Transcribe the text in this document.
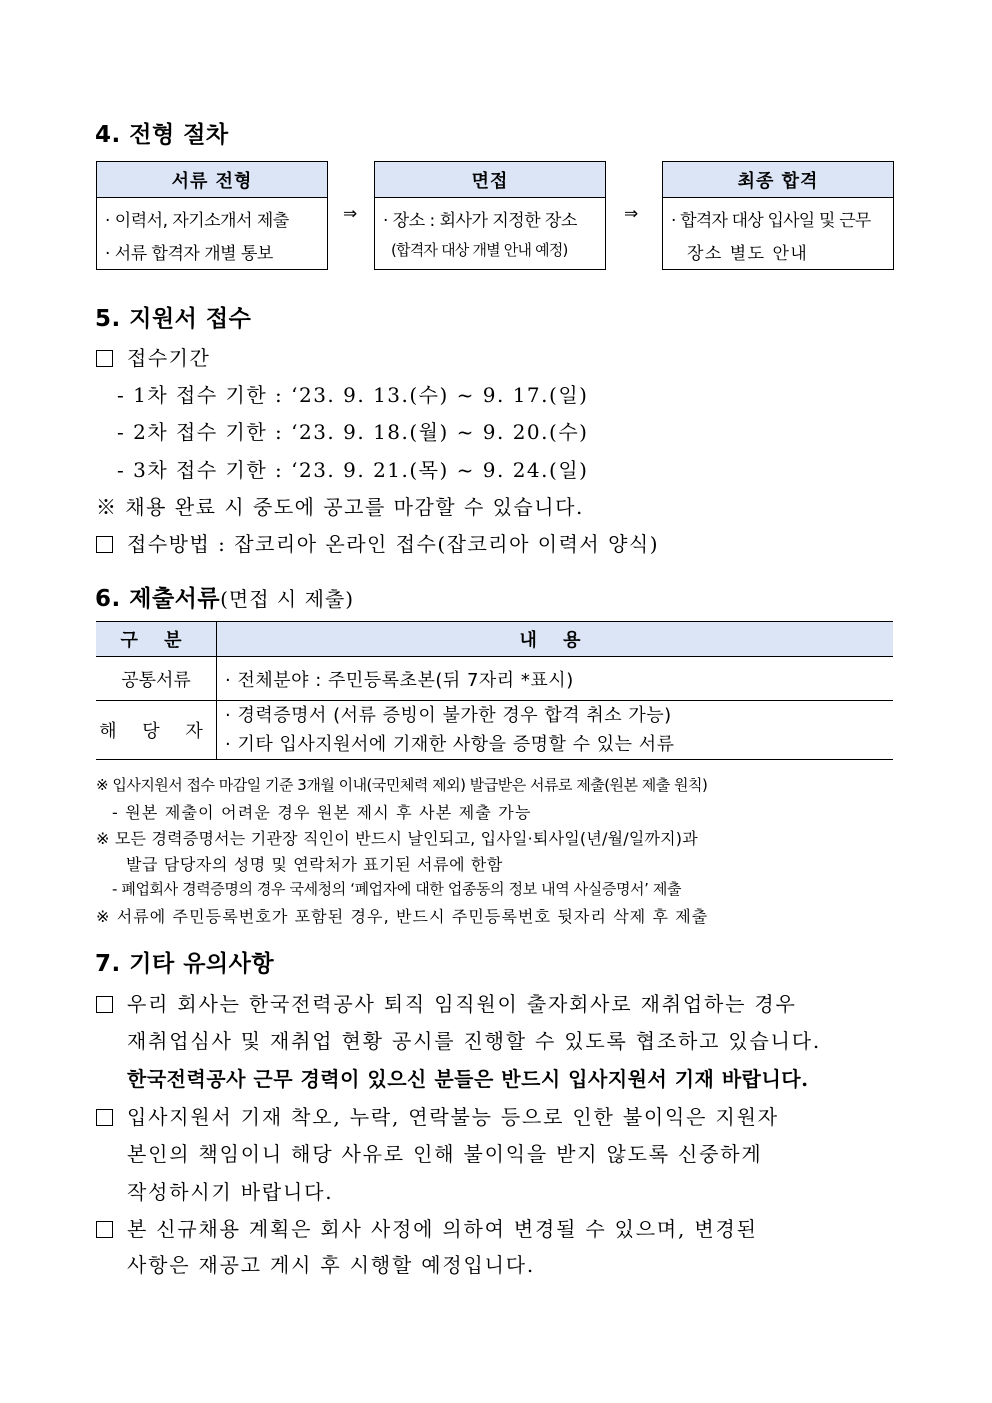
4. 전형 절차
서류 전형
· 이력서, 자기소개서 제출
· 서류 합격자 개별 통보
⇒
면접
· 장소 : 회사가 지정한 장소
(합격자 대상 개별 안내 예정)
⇒
최종 합격
· 합격자 대상 입사일 및 근무
장소 별도 안내
5. 지원서 접수
접수기간
- 1차 접수 기한 : ‘23. 9. 13.(수) ~ 9. 17.(일)
- 2차 접수 기한 : ‘23. 9. 18.(월) ~ 9. 20.(수)
- 3차 접수 기한 : ‘23. 9. 21.(목) ~ 9. 24.(일)
※ 채용 완료 시 중도에 공고를 마감할 수 있습니다.
접수방법 : 잡코리아 온라인 접수(잡코리아 이력서 양식)
6. 제출서류(면접 시 제출)
구 분	내 용
공통서류	· 전체분야 : 주민등록초본(뒤 7자리 *표시)
해 당 자	· 경력증명서 (서류 증빙이 불가한 경우 합격 취소 가능)
· 기타 입사지원서에 기재한 사항을 증명할 수 있는 서류
※ 입사지원서 접수 마감일 기준 3개월 이내(국민체력 제외) 발급받은 서류로 제출(원본 제출 원칙)
- 원본 제출이 어려운 경우 원본 제시 후 사본 제출 가능
※ 모든 경력증명서는 기관장 직인이 반드시 날인되고, 입사일·퇴사일(년/월/일까지)과
발급 담당자의 성명 및 연락처가 표기된 서류에 한함
- 폐업회사 경력증명의 경우 국세청의 ‘폐업자에 대한 업종동의 정보 내역 사실증명서’ 제출
※ 서류에 주민등록번호가 포함된 경우, 반드시 주민등록번호 뒷자리 삭제 후 제출
7. 기타 유의사항
우리 회사는 한국전력공사 퇴직 임직원이 출자회사로 재취업하는 경우
재취업심사 및 재취업 현황 공시를 진행할 수 있도록 협조하고 있습니다.
한국전력공사 근무 경력이 있으신 분들은 반드시 입사지원서 기재 바랍니다.
입사지원서 기재 착오, 누락, 연락불능 등으로 인한 불이익은 지원자
본인의 책임이니 해당 사유로 인해 불이익을 받지 않도록 신중하게
작성하시기 바랍니다.
본 신규채용 계획은 회사 사정에 의하여 변경될 수 있으며, 변경된
사항은 재공고 게시 후 시행할 예정입니다.
